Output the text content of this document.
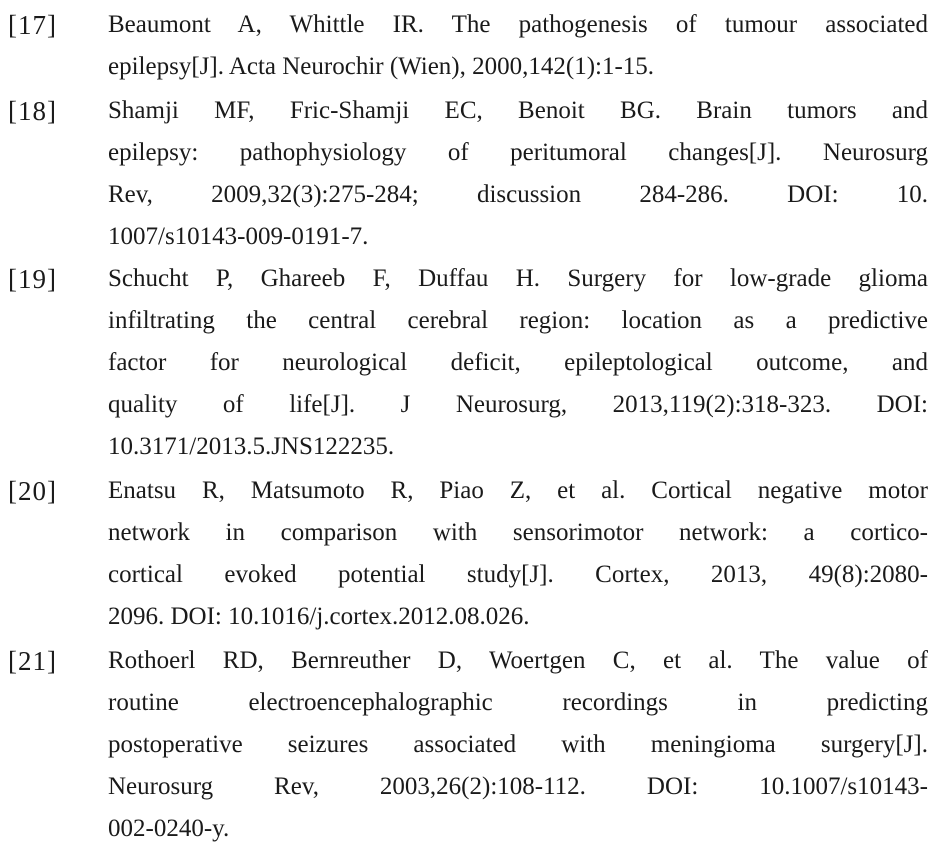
[17] Beaumont A, Whittle IR. The pathogenesis of tumour associated
epilepsy[J]. Acta Neurochir (Wien), 2000,142(1):1-15.
[18] Shamji MF, Fric-Shamji EC, Benoit BG. Brain tumors and
epilepsy: pathophysiology of peritumoral changes[J]. Neurosurg
Rev, 2009,32(3):275-284; discussion 284-286. DOI: 10.
1007/s10143-009-0191-7.
[19] Schucht P, Ghareeb F, Duffau H. Surgery for low-grade glioma
infiltrating the central cerebral region: location as a predictive
factor for neurological deficit, epileptological outcome, and
quality of life[J]. J Neurosurg, 2013,119(2):318-323. DOI:
10.3171/2013.5.JNS122235.
[20] Enatsu R, Matsumoto R, Piao Z, et al. Cortical negative motor
network in comparison with sensorimotor network: a cortico-
cortical evoked potential study[J]. Cortex, 2013, 49(8):2080-
2096. DOI: 10.1016/j.cortex.2012.08.026.
[21] Rothoerl RD, Bernreuther D, Woertgen C, et al. The value of
routine electroencephalographic recordings in predicting
postoperative seizures associated with meningioma surgery[J].
Neurosurg Rev, 2003,26(2):108-112. DOI: 10.1007/s10143-
002-0240-y.
